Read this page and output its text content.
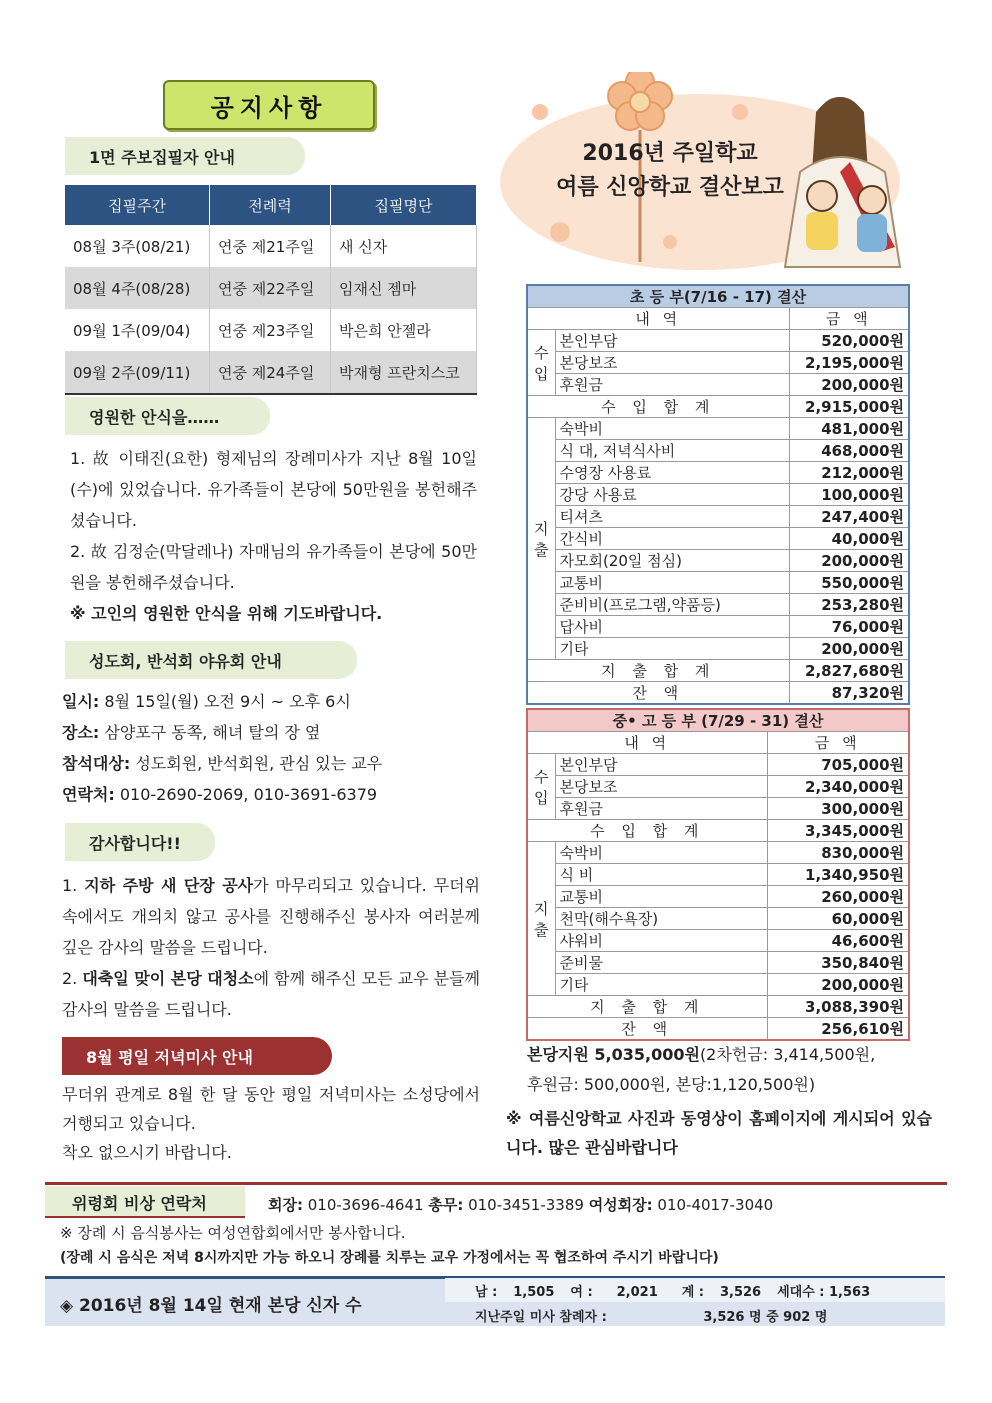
공지사항
1면 주보집필자 안내
집필주간	전례력	집필명단
08월 3주(08/21)	연중 제21주일	새 신자
08월 4주(08/28)	연중 제22주일	임재신 젬마
09월 1주(09/04)	연중 제23주일	박은희 안젤라
09월 2주(09/11)	연중 제24주일	박재형 프란치스코
영원한 안식을……
1. 故 이태진(요한) 형제님의 장례미사가 지난 8월 10일(수)에 있었습니다. 유가족들이 본당에 50만원을 봉헌해주셨습니다.
2. 故 김정순(막달레나) 자매님의 유가족들이 본당에 50만원을 봉헌해주셨습니다.
※ 고인의 영원한 안식을 위해 기도바랍니다.
성도회, 반석회 야유회 안내
일시: 8월 15일(월) 오전 9시 ~ 오후 6시
장소: 삼양포구 동쪽, 해녀 탈의 장 옆
참석대상: 성도회원, 반석회원, 관심 있는 교우
연락처: 010-2690-2069, 010-3691-6379
감사합니다!!
1. 지하 주방 새 단장 공사가 마무리되고 있습니다. 무더위 속에서도 개의치 않고 공사를 진행해주신 봉사자 여러분께 깊은 감사의 말씀을 드립니다.
2. 대축일 맞이 본당 대청소에 함께 해주신 모든 교우 분들께 감사의 말씀을 드립니다.
8월 평일 저녁미사 안내
무더위 관계로 8월 한 달 동안 평일 저녁미사는 소성당에서 거행되고 있습니다.
착오 없으시기 바랍니다.
2016년 주일학교
여름 신앙학교 결산보고
초 등 부(7/16 - 17) 결산		
내 역		금 액
수입	본인부담	520,000원
	본당보조	2,195,000원
	후원금	200,000원
수 입 합 계		2,915,000원
지출	숙박비	481,000원
	식 대, 저녁식사비	468,000원
	수영장 사용료	212,000원
	강당 사용료	100,000원
	티셔츠	247,400원
	간식비	40,000원
	자모회(20일 점심)	200,000원
	교통비	550,000원
	준비비(프로그램,약품등)	253,280원
	답사비	76,000원
	기타	200,000원
지 출 합 계		2,827,680원
잔 액		87,320원
중• 고 등 부 (7/29 - 31) 결산		
내 역		금 액
수입	본인부담	705,000원
	본당보조	2,340,000원
	후원금	300,000원
수 입 합 계		3,345,000원
지출	숙박비	830,000원
	식 비	1,340,950원
	교통비	260,000원
	천막(해수욕장)	60,000원
	샤워비	46,600원
	준비물	350,840원
	기타	200,000원
지 출 합 계		3,088,390원
잔 액		256,610원
본당지원 5,035,000원(2차헌금: 3,414,500원,
후원금: 500,000원, 본당:1,120,500원)
※ 여름신앙학교 사진과 동영상이 홈페이지에 게시되어 있습니다. 많은 관심바랍니다
위령회 비상 연락처	회장: 010-3696-4641 총무: 010-3451-3389 여성회장: 010-4017-3040
※ 장례 시 음식봉사는 여성연합회에서만 봉사합니다.
(장례 시 음식은 저녁 8시까지만 가능 하오니 장례를 치루는 교우 가정에서는 꼭 협조하여 주시기 바랍니다)
◈ 2016년 8월 14일 현재 본당 신자 수
남 : 1,505 여 : 2,021 계 : 3,526 세대수 : 1,563
지난주일 미사 참례자 :	3,526 명 중 902 명
